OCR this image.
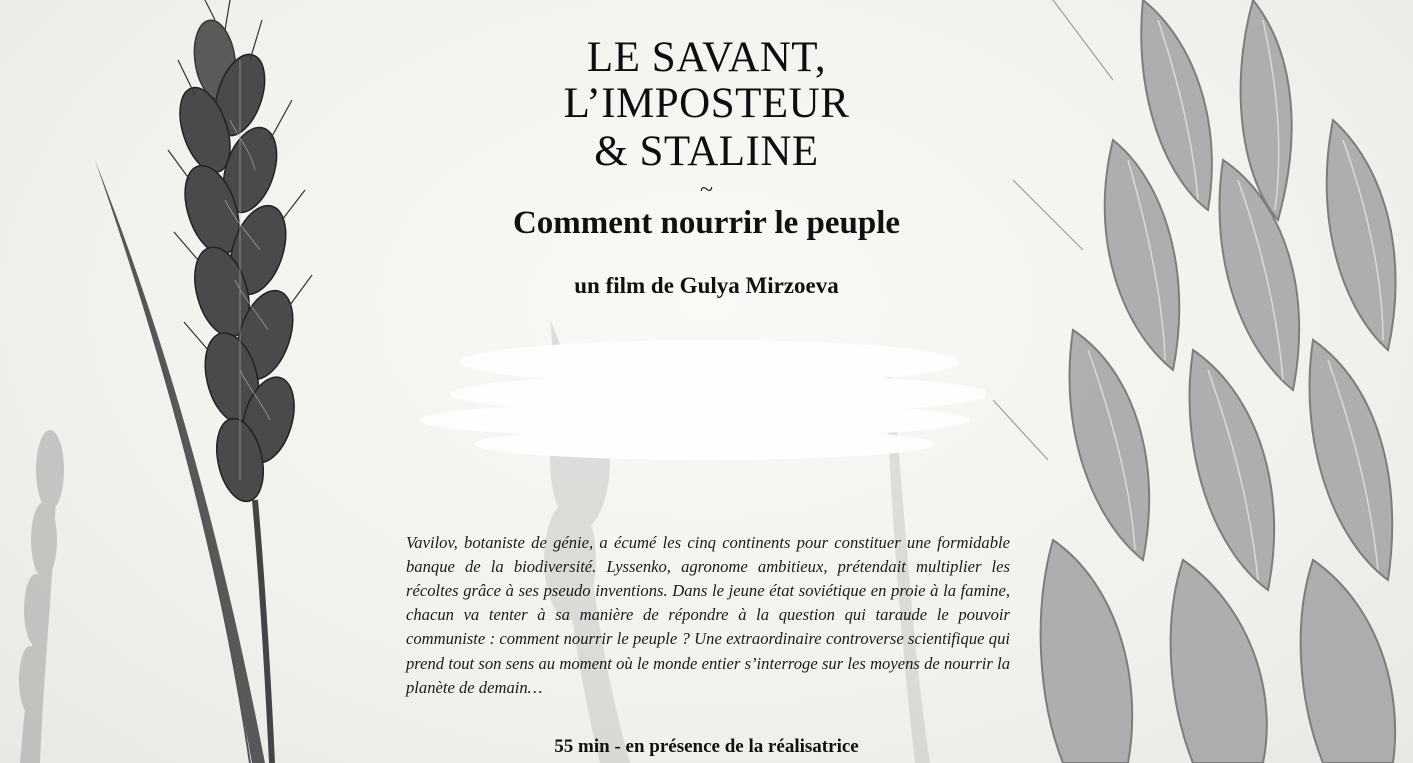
LE SAVANT,
L’IMPOSTEUR
& STALINE
~
Comment nourrir le peuple
un film de Gulya Mirzoeva

Vavilov, botaniste de génie, a écumé les cinq continents pour constituer une formidable banque de la biodiversité. Lyssenko, agronome ambitieux, prétendait multiplier les récoltes grâce à ses pseudo inventions. Dans le jeune état soviétique en proie à la famine, chacun va tenter à sa manière de répondre à la question qui taraude le pouvoir communiste : comment nourrir le peuple ? Une extraordinaire controverse scientifique qui prend tout son sens au moment où le monde entier s’interroge sur les moyens de nourrir la planète de demain…

55 min - en présence de la réalisatrice
